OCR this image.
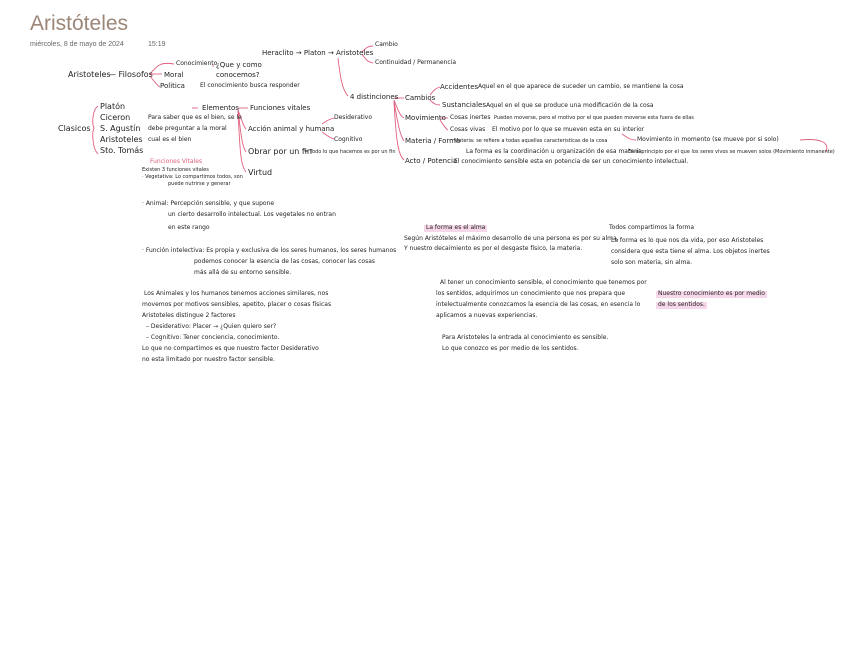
Aristóteles
miércoles, 8 de mayo de 2024	15:19
Aristoteles
— Filosofos
Conocimiento
Moral
Politica
¿Que y como
conocemos?
El conocimiento busca responder
Heraclito → Platon → Aristoteles
Cambio
Continuidad / Permanencia
4 distinciones Cambios
Accidentes Aquel en el que aparece de suceder un cambio, se mantiene la cosa
Sustanciales Aquel en el que se produce una modificación de la cosa
Movimiento Cosas inertes Pueden moverse, pero el motivo por el que pueden moverse esta fuera de ellas
Cosas vivas El motivo por lo que se mueven esta en su interior
Movimiento in momento (se mueve por si solo)
Materia / Forma
Materia: se refiere a todas aquellas caracteristicas de la cosa
La forma es la coordinación u organización de esa materia
Es el principio por el que los seres vivos se mueven solos (Movimiento inmanente)
Acto / Potencia
El conocimiento sensible esta en potencia de ser un conocimiento intelectual.
Clasicos
Platón
Ciceron
S. Agustín
Aristoteles
Sto. Tomás
Para saber que es el bien, se le
debe preguntar a la moral
cual es el bien
Elementos Funciones vitales
Acción animal y humana
Desiderativo
Cognitivo
Obrar por un fin
= Todo lo que hacemos es por un fin
Virtud
Funciones Vitales
Existen 3 funciones vitales
· Vegetativa: Lo compartimos todos, son
puede nutrirse y generar
· Animal: Percepción sensible, y que supone
un cierto desarrollo intelectual. Los vegetales no entran
en este rango
· Función intelectiva: Es propia y exclusiva de los seres humanos, los seres humanos
podemos conocer la esencia de las cosas, conocer las cosas
más allá de su entorno sensible.
Los Animales y los humanos tenemos acciones similares, nos
movemos por motivos sensibles, apetito, placer o cosas físicas
Aristoteles distingue 2 factores
– Desiderativo: Placer → ¿Quien quiero ser?
– Cognitivo: Tener conciencia, conocimiento.
Lo que no compartimos es que nuestro factor Desiderativo
no esta limitado por nuestro factor sensible.
La forma es el alma
Según Aristóteles el máximo desarrollo de una persona es por su alma.
Y nuestro decaimiento es por el desgaste físico, la materia.
Todos compartimos la forma
La forma es lo que nos da vida, por eso Aristoteles
considera que esta tiene el alma. Los objetos inertes
solo son materia, sin alma.
Al tener un conocimiento sensible, el conocimiento que tenemos por
los sentidos, adquirimos un conocimiento que nos prepara que
intelectualmente conozcamos la esencia de las cosas, en esencia lo
aplicamos a nuevas experiencias.
Para Aristoteles la entrada al conocimiento es sensible.
Lo que conozco es por medio de los sentidos.
Nuestro conocimiento es por medio
de los sentidos.
